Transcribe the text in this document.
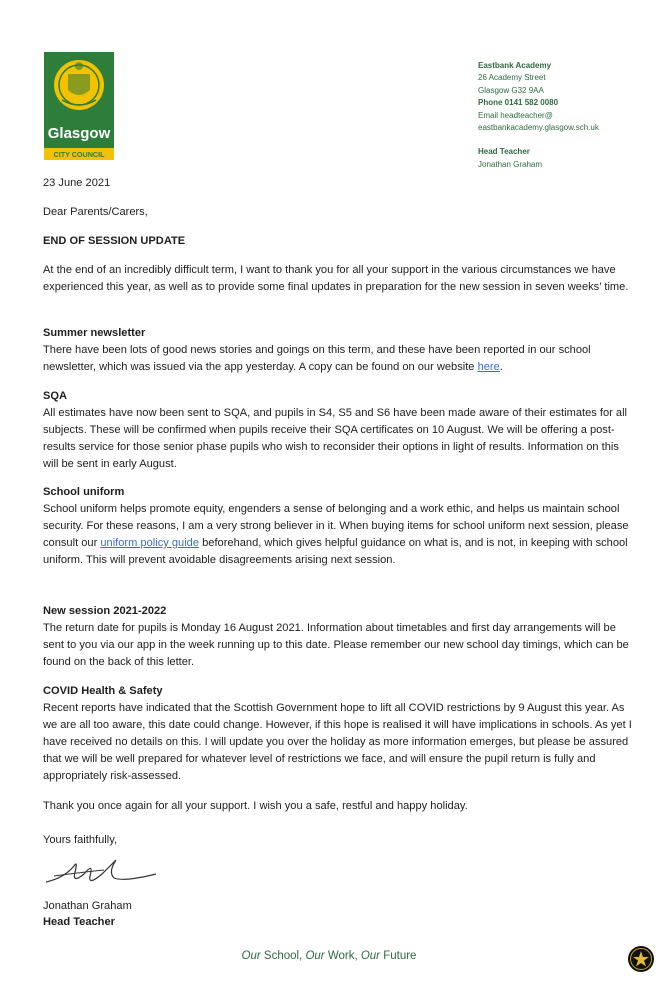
Glasgow
CITY COUNCIL
Eastbank Academy
26 Academy Street
Glasgow G32 9AA
Phone 0141 582 0080
Email headteacher@
eastbankacademy.glasgow.sch.uk
Head Teacher
Jonathan Graham
23 June 2021
Dear Parents/Carers,
END OF SESSION UPDATE
At the end of an incredibly difficult term, I want to thank you for all your support in the various circumstances we have experienced this year, as well as to provide some final updates in preparation for the new session in seven weeks’ time.
Summer newsletter
There have been lots of good news stories and goings on this term, and these have been reported in our school newsletter, which was issued via the app yesterday. A copy can be found on our website here.
SQA
All estimates have now been sent to SQA, and pupils in S4, S5 and S6 have been made aware of their estimates for all subjects. These will be confirmed when pupils receive their SQA certificates on 10 August. We will be offering a post-results service for those senior phase pupils who wish to reconsider their options in light of results. Information on this will be sent in early August.
School uniform
School uniform helps promote equity, engenders a sense of belonging and a work ethic, and helps us maintain school security. For these reasons, I am a very strong believer in it. When buying items for school uniform next session, please consult our uniform policy guide beforehand, which gives helpful guidance on what is, and is not, in keeping with school uniform. This will prevent avoidable disagreements arising next session.
New session 2021-2022
The return date for pupils is Monday 16 August 2021. Information about timetables and first day arrangements will be sent to you via our app in the week running up to this date. Please remember our new school day timings, which can be found on the back of this letter.
COVID Health & Safety
Recent reports have indicated that the Scottish Government hope to lift all COVID restrictions by 9 August this year. As we are all too aware, this date could change. However, if this hope is realised it will have implications in schools. As yet I have received no details on this. I will update you over the holiday as more information emerges, but please be assured that we will be well prepared for whatever level of restrictions we face, and will ensure the pupil return is fully and appropriately risk-assessed.
Thank you once again for all your support. I wish you a safe, restful and happy holiday.
Yours faithfully,
Jonathan Graham
Head Teacher
Our School, Our Work, Our Future
